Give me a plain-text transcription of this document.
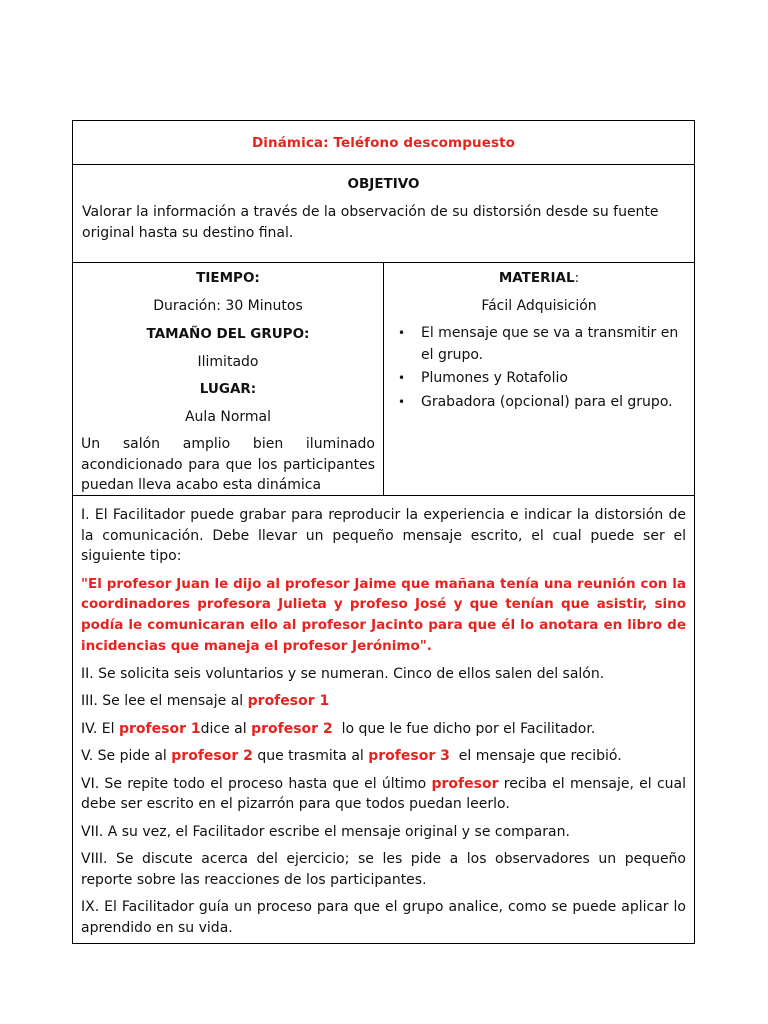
Dinámica: Teléfono descompuesto

OBJETIVO

Valorar la información a través de la observación de su distorsión desde su fuente original hasta su destino final.

TIEMPO:

Duración: 30 Minutos

TAMAÑO DEL GRUPO:

Ilimitado

LUGAR:

Aula Normal

Un salón amplio bien iluminado acondicionado para que los participantes puedan lleva acabo esta dinámica

MATERIAL:

Fácil Adquisición

• El mensaje que se va a transmitir en el grupo.
• Plumones y Rotafolio
• Grabadora (opcional) para el grupo.

I. El Facilitador puede grabar para reproducir la experiencia e indicar la distorsión de la comunicación. Debe llevar un pequeño mensaje escrito, el cual puede ser el siguiente tipo:

"El profesor Juan le dijo al profesor Jaime que mañana tenía una reunión con la coordinadores profesora Julieta y profeso José y que tenían que asistir, sino podía le comunicaran ello al profesor Jacinto para que él lo anotara en libro de incidencias que maneja el profesor Jerónimo".

II. Se solicita seis voluntarios y se numeran. Cinco de ellos salen del salón.

III. Se lee el mensaje al profesor 1

IV. El profesor 1dice al profesor 2  lo que le fue dicho por el Facilitador.

V. Se pide al profesor 2 que trasmita al profesor 3  el mensaje que recibió.

VI. Se repite todo el proceso hasta que el último profesor reciba el mensaje, el cual debe ser escrito en el pizarrón para que todos puedan leerlo.

VII. A su vez, el Facilitador escribe el mensaje original y se comparan.

VIII. Se discute acerca del ejercicio; se les pide a los observadores un pequeño reporte sobre las reacciones de los participantes.

IX. El Facilitador guía un proceso para que el grupo analice, como se puede aplicar lo aprendido en su vida.
